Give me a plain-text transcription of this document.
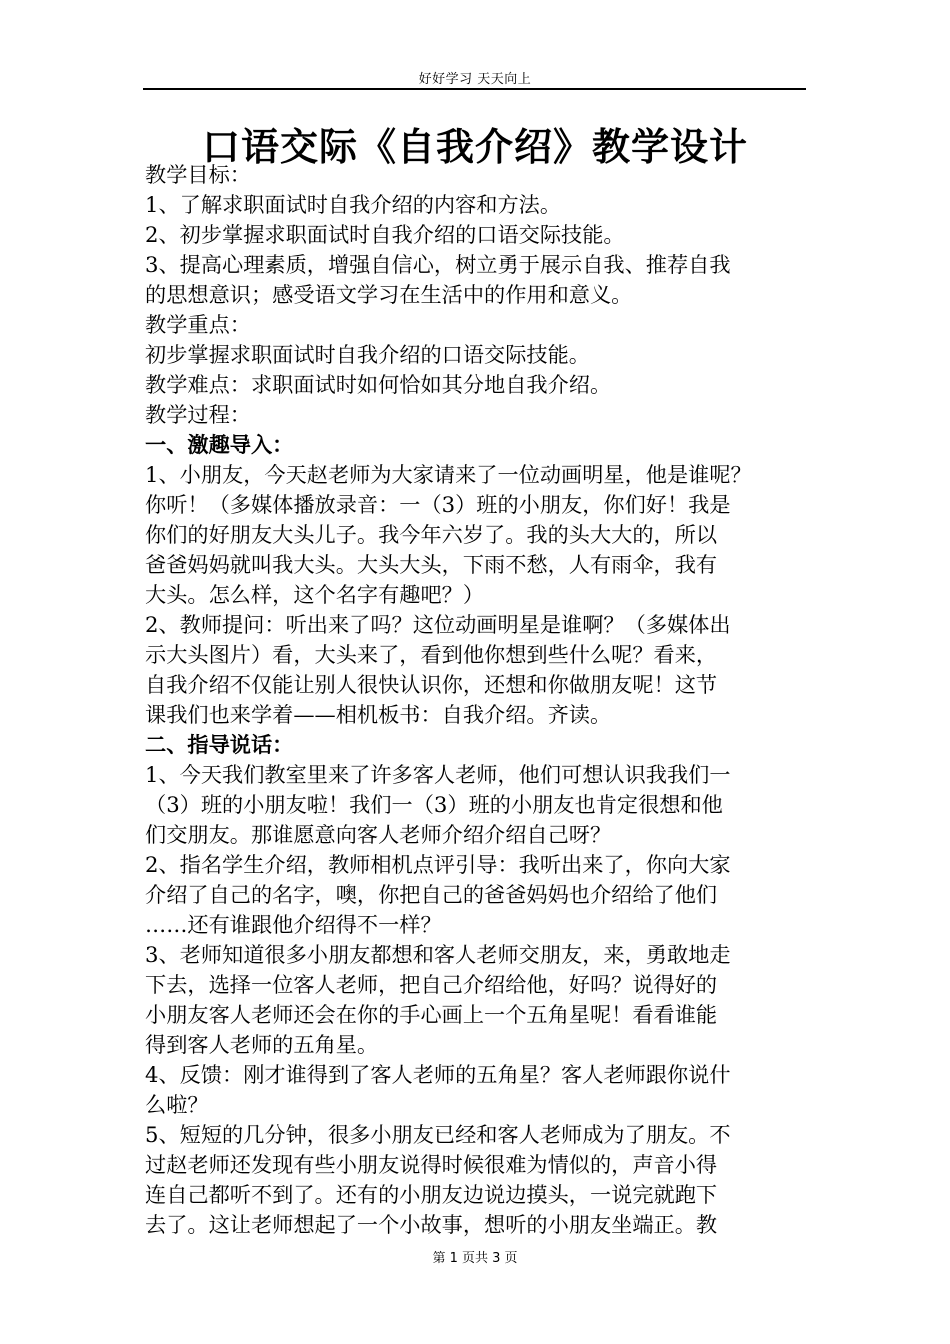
好好学习 天天向上
口语交际《自我介绍》教学设计

教学目标：

1、了解求职面试时自我介绍的内容和方法。

2、初步掌握求职面试时自我介绍的口语交际技能。

3、提高心理素质，增强自信心，树立勇于展示自我、推荐自我

的思想意识；感受语文学习在生活中的作用和意义。

教学重点：

初步掌握求职面试时自我介绍的口语交际技能。

教学难点：求职面试时如何恰如其分地自我介绍。

教学过程：

一、激趣导入：

1、小朋友，今天赵老师为大家请来了一位动画明星，他是谁呢？

你听！（多媒体播放录音：一（3）班的小朋友，你们好！我是

你们的好朋友大头儿子。我今年六岁了。我的头大大的，所以

爸爸妈妈就叫我大头。大头大头，下雨不愁，人有雨伞，我有

大头。怎么样，这个名字有趣吧？）

2、教师提问：听出来了吗？这位动画明星是谁啊？（多媒体出

示大头图片）看，大头来了，看到他你想到些什么呢？看来，

自我介绍不仅能让别人很快认识你，还想和你做朋友呢！这节

课我们也来学着——相机板书：自我介绍。齐读。

二、指导说话：

1、今天我们教室里来了许多客人老师，他们可想认识我我们一

（3）班的小朋友啦！我们一（3）班的小朋友也肯定很想和他

们交朋友。那谁愿意向客人老师介绍介绍自己呀？

2、指名学生介绍，教师相机点评引导：我听出来了，你向大家

介绍了自己的名字，噢，你把自己的爸爸妈妈也介绍给了他们

……还有谁跟他介绍得不一样？

3、老师知道很多小朋友都想和客人老师交朋友，来，勇敢地走

下去，选择一位客人老师，把自己介绍给他，好吗？说得好的

小朋友客人老师还会在你的手心画上一个五角星呢！看看谁能

得到客人老师的五角星。

4、反馈：刚才谁得到了客人老师的五角星？客人老师跟你说什

么啦？

5、短短的几分钟，很多小朋友已经和客人老师成为了朋友。不

过赵老师还发现有些小朋友说得时候很难为情似的，声音小得

连自己都听不到了。还有的小朋友边说边摸头，一说完就跑下

去了。这让老师想起了一个小故事，想听的小朋友坐端正。教

第 1 页共 3 页
